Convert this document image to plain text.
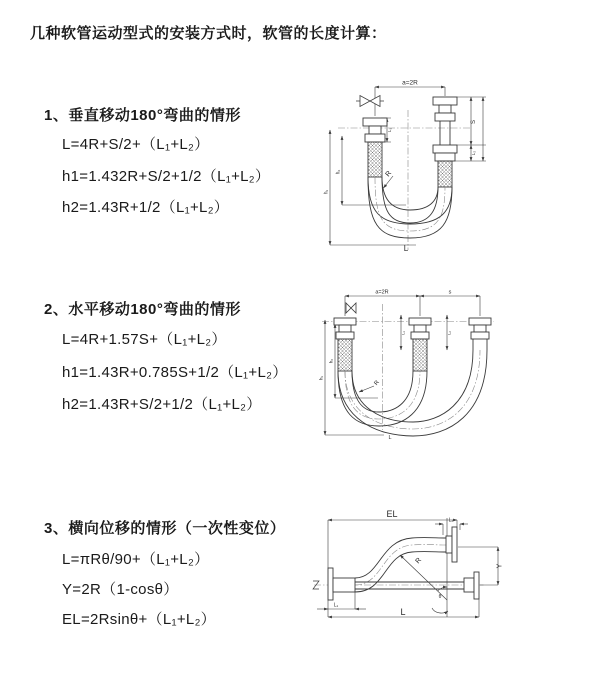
几种软管运动型式的安装方式时，软管的长度计算：
1、垂直移动180°弯曲的情形
L=4R+S/2+（L₁+L₂）
h1=1.432R+S/2+1/2（L₁+L₂）
h2=1.43R+1/2（L₁+L₂）
2、水平移动180°弯曲的情形
L=4R+1.57S+（L₁+L₂）
h1=1.43R+0.785S+1/2（L₁+L₂）
h2=1.43R+S/2+1/2（L₁+L₂）
3、横向位移的情形（一次性变位）
L=πRθ/90+（L₁+L₂）
Y=2R（1-cosθ）
EL=2Rsinθ+（L₁+L₂）
a=2R
h₁
h₂
L₁
S
L₂
R
L
a=2R	s
h₁
h₂
L₁	L₂
R
L
EL
L₂
L₁
Y
R
θ
L
